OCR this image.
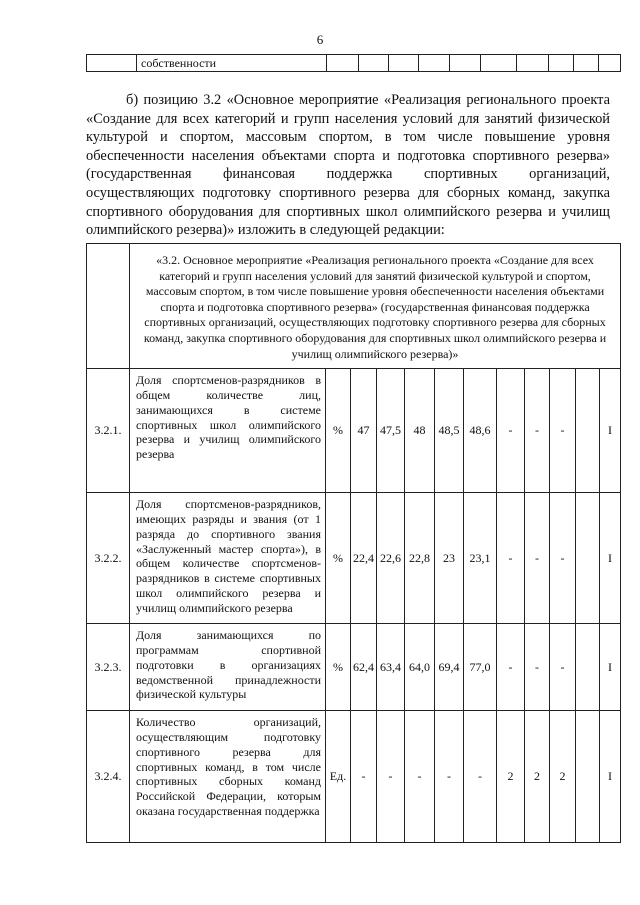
6
	собственности										

б) позицию 3.2 «Основное мероприятие «Реализация регионального проекта «Создание для всех категорий и групп населения условий для занятий физической культурой и спортом, массовым спортом, в том числе повышение уровня обеспеченности населения объектами спорта и подготовка спортивного резерва» (государственная финансовая поддержка спортивных организаций, осуществляющих подготовку спортивного резерва для сборных команд, закупка спортивного оборудования для спортивных школ олимпийского резерва и училищ олимпийского резерва)» изложить в следующей редакции:

	«3.2. Основное мероприятие «Реализация регионального проекта «Создание для всех категорий и групп населения условий для занятий физической культурой и спортом, массовым спортом, в том числе повышение уровня обеспеченности населения объектами спорта и подготовка спортивного резерва» (государственная финансовая поддержка спортивных организаций, осуществляющих подготовку спортивного резерва для сборных команд, закупка спортивного оборудования для спортивных школ олимпийского резерва и училищ олимпийского резерва)»											
3.2.1.	Доля спортсменов-разрядников в общем количестве лиц, занимающихся в системе спортивных школ олимпийского резерва и училищ олимпийского резерва	%	47	47,5	48	48,5	48,6	-	-	-		I
3.2.2.	Доля спортсменов-разрядников, имеющих разряды и звания (от 1 разряда до спортивного звания «Заслуженный мастер спорта»), в общем количестве спортсменов-разрядников в системе спортивных школ олимпийского резерва и училищ олимпийского резерва	%	22,4	22,6	22,8	23	23,1	-	-	-		I
3.2.3.	Доля занимающихся по программам спортивной подготовки в организациях ведомственной принадлежности физической культуры	%	62,4	63,4	64,0	69,4	77,0	-	-	-		I
3.2.4.	Количество организаций, осуществляющим подготовку спортивного резерва для спортивных команд, в том числе спортивных сборных команд Российской Федерации, которым оказана государственная поддержка	Ед.	-	-	-	-	-	2	2	2		I
